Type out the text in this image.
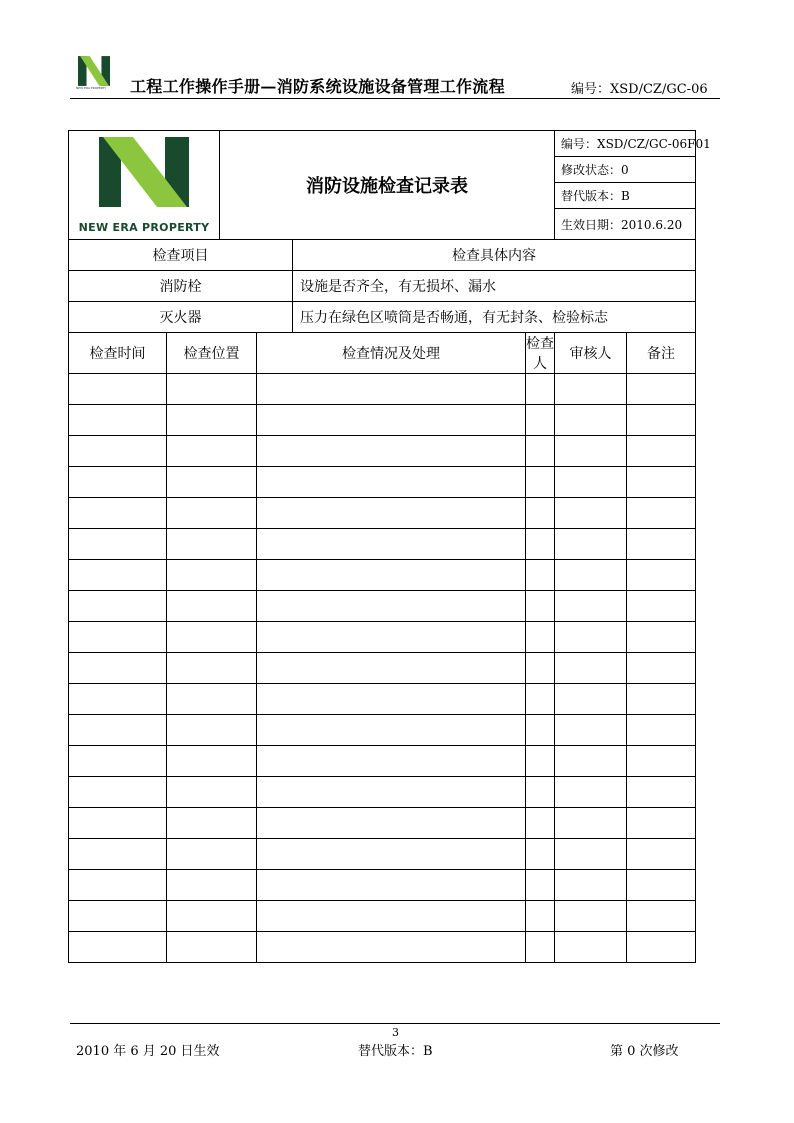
NEW ERA PROPERTY 工程工作操作手册—消防系统设施设备管理工作流程	编号：XSD/CZ/GC-06
NEW ERA PROPERTY		消防设施检查记录表				编号：XSD/CZ/GC-06F01	
						修改状态：0	
						替代版本：B	
						生效日期：2010.6.20	
检查项目				检查具体内容			
消防栓				设施是否齐全，有无损坏、漏水			
灭火器				压力在绿色区喷筒是否畅通，有无封条、检验标志			
检查时间	检查位置		检查情况及处理		检查人	审核人	备注

3
2010 年 6 月 20 日生效	替代版本：B	第 0 次修改
